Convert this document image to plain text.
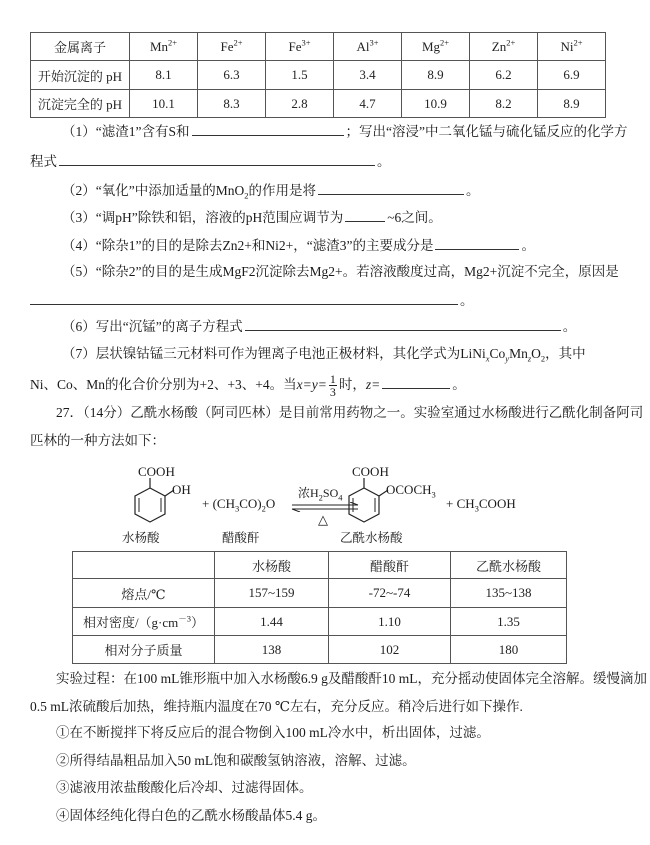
金属离子	$Mn^{2+}$	$Fe^{2+}$	$Fe^{3+}$	$Al^{3+}$	$Mg^{2+}$	$Zn^{2+}$	$Ni^{2+}$
开始沉淀的 pH	8.1	6.3	1.5	3.4	8.9	6.2	6.9
沉淀完全的 pH	10.1	8.3	2.8	4.7	10.9	8.2	8.9
（1）“滤渣1”含有S和	；写出“溶浸”中二氧化锰与硫化锰反应的化学方
程式	。
（2）“氧化”中添加适量的MnO$_2$的作用是将	。
（3）“调pH”除铁和铝，溶液的pH范围应调节为	~6之间。
（4）“除杂1”的目的是除去Zn2+和Ni2+，“滤渣3”的主要成分是	。
（5）“除杂2”的目的是生成MgF2沉淀除去Mg2+。若溶液酸度过高，Mg2+沉淀不完全，原因是
。
（6）写出“沉锰”的离子方程式	。
（7）层状镍钴锰三元材料可作为锂离子电池正极材料，其化学式为$LiNi_xCo_yMn_zO_2$，其中
Ni、Co、Mn的化合价分别为+2、+3、+4。当$x=y= \frac{1}{3}$ 时，z=	。
27．（14分）乙酰水杨酸（阿司匹林）是目前常用药物之一。实验室通过水杨酸进行乙酰化制备阿司
匹林的一种方法如下：
COOH
OH
水杨酸
+ $(CH_3CO)_2O$
醋酸酐
浓$H_2SO_4$
△
COOH
$OCOCH_3$
乙酰水杨酸
+ $CH_3COOH$
	水杨酸	醋酸酐	乙酰水杨酸
熔点/℃	157~159	-72~-74	135~138
相对密度$/(g\cdot cm^{-3})$	1.44	1.10	1.35
相对分子质量	138	102	180
实验过程：在100 mL锥形瓶中加入水杨酸6.9 g及醋酸酐10 mL，充分摇动使固体完全溶解。缓慢滴加
0.5 mL浓硫酸后加热，维持瓶内温度在70 ℃左右，充分反应。稍冷后进行如下操作.
①在不断搅拌下将反应后的混合物倒入100 mL冷水中，析出固体，过滤。
②所得结晶粗品加入50 mL饱和碳酸氢钠溶液，溶解、过滤。
③滤液用浓盐酸酸化后冷却、过滤得固体。
④固体经纯化得白色的乙酰水杨酸晶体5.4 g。
